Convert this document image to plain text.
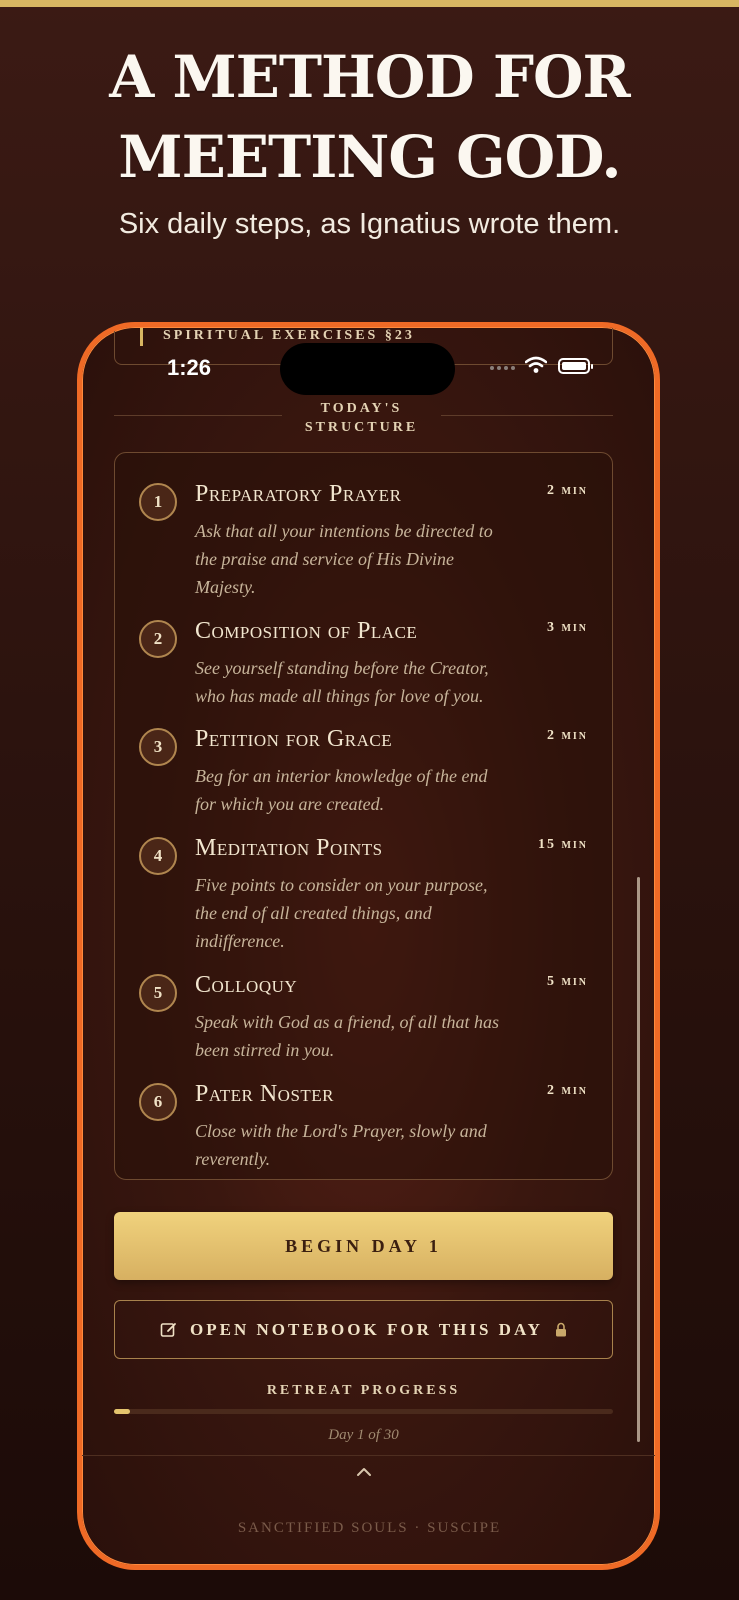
A METHOD FOR
MEETING GOD.
Six daily steps, as Ignatius wrote them.
SPIRITUAL EXERCISES §23
1:26
TODAY'S
STRUCTURE
1	Preparatory Prayer	2 min
Ask that all your intentions be directed to the praise and service of His Divine Majesty.
2	Composition of Place	3 min
See yourself standing before the Creator, who has made all things for love of you.
3	Petition for Grace	2 min
Beg for an interior knowledge of the end for which you are created.
4	Meditation Points	15 min
Five points to consider on your purpose, the end of all created things, and indifference.
5	Colloquy	5 min
Speak with God as a friend, of all that has been stirred in you.
6	Pater Noster	2 min
Close with the Lord's Prayer, slowly and reverently.
BEGIN DAY 1
OPEN NOTEBOOK FOR THIS DAY
RETREAT PROGRESS
Day 1 of 30
SANCTIFIED SOULS · SUSCIPE
